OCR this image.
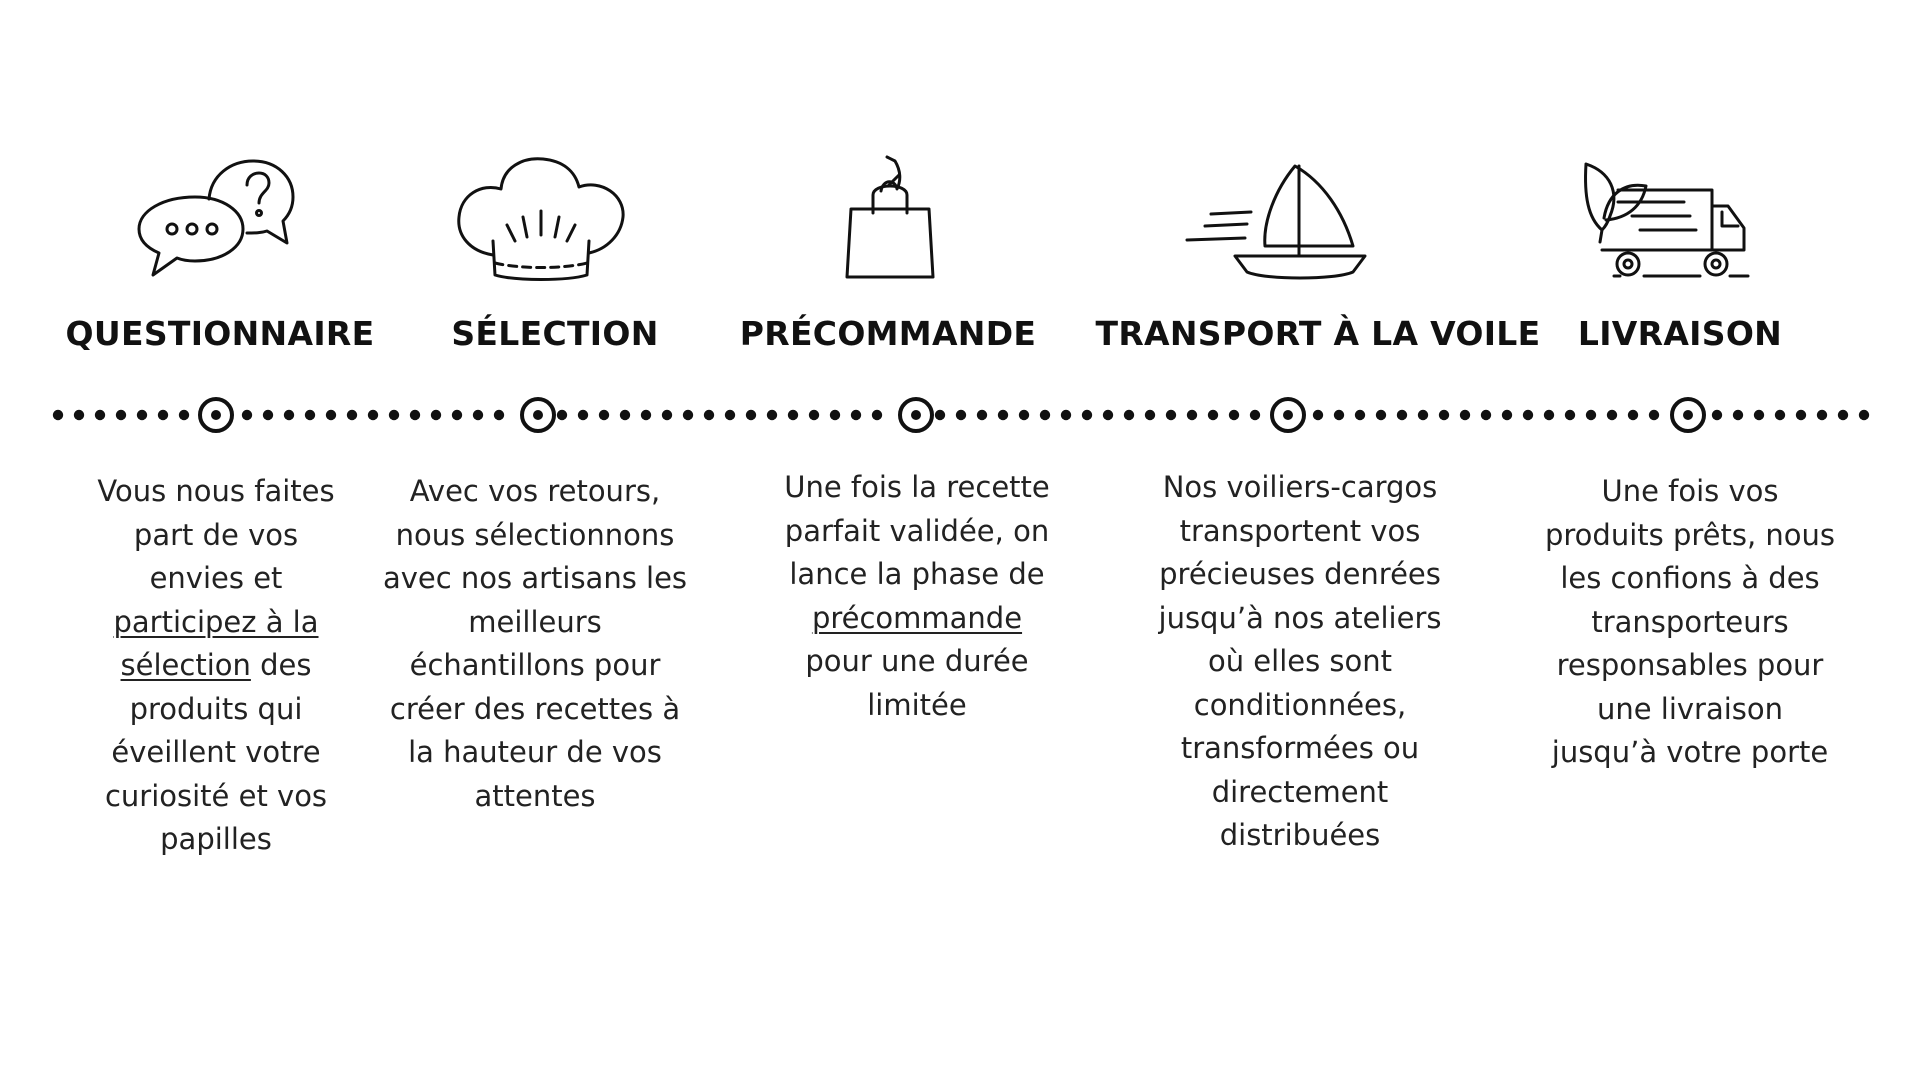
QUESTIONNAIRE SÉLECTION PRÉCOMMANDE TRANSPORT À LA VOILE LIVRAISON
Vous nous faites part de vos envies et participez à la sélection des produits qui éveillent votre curiosité et vos papilles
Avec vos retours, nous sélectionnons avec nos artisans les meilleurs échantillons pour créer des recettes à la hauteur de vos attentes
Une fois la recette parfait validée, on lance la phase de précommande pour une durée limitée
Nos voiliers-cargos transportent vos précieuses denrées jusqu’à nos ateliers où elles sont conditionnées, transformées ou directement distribuées
Une fois vos produits prêts, nous les confions à des transporteurs responsables pour une livraison jusqu’à votre porte
